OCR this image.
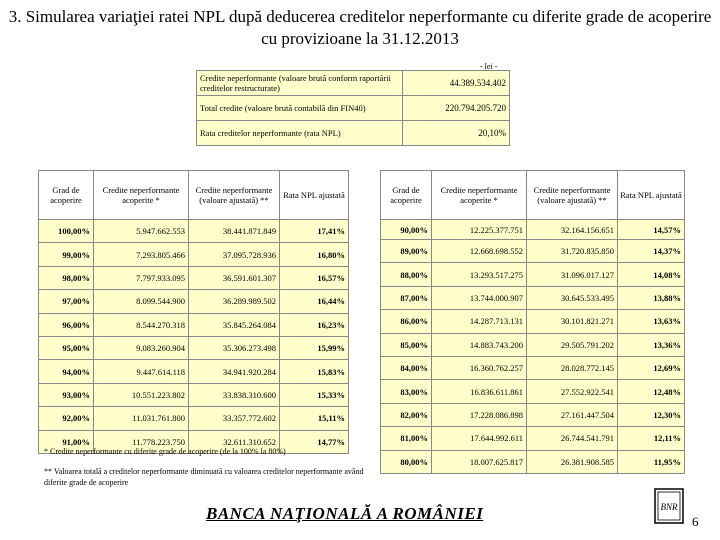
3. Simularea variaţiei ratei NPL după deducerea creditelor neperformante cu diferite grade de acoperire cu provizioane la 31.12.2013
- lei -
Credite neperformante (valoare brută conform raportării creditelor restructurate)	44.389.534.402
Total credite (valoare brută contabilă din FIN40)	220.794.205.720
Rata creditelor neperformante (rata NPL)	20,10%
Grad de acoperire	Credite neperformante acoperite *	Credite neperformante (valoare ajustată) **	Rata NPL ajustată
100,00%	5.947.662.553	38.441.871.849	17,41%
99,00%	7.293.805.466	37.095.728.936	16,80%
98,00%	7.797.933.095	36.591.601.307	16,57%
97,00%	8.099.544.900	36.289.989.502	16,44%
96,00%	8.544.270.318	35.845.264.084	16,23%
95,00%	9.083.260.904	35.306.273.498	15,99%
94,00%	9.447.614.118	34.941.920.284	15,83%
93,00%	10.551.223.802	33.838.310.600	15,33%
92,00%	11.031.761.800	33.357.772.602	15,11%
91,00%	11.778.223.750	32.611.310.652	14,77%
Grad de acoperire	Credite neperformante acoperite *	Credite neperformante (valoare ajustată) **	Rata NPL ajustată
90,00%	12.225.377.751	32.164.156.651	14,57%
89,00%	12.668.698.552	31.720.835.850	14,37%
88,00%	13.293.517.275	31.096.017.127	14,08%
87,00%	13.744.000.907	30.645.533.495	13,88%
86,00%	14.287.713.131	30.101.821.271	13,63%
85,00%	14.883.743.200	29.505.791.202	13,36%
84,00%	16.360.762.257	28.028.772.145	12,69%
83,00%	16.836.611.861	27.552.922.541	12,48%
82,00%	17.228.086.898	27.161.447.504	12,30%
81,00%	17.644.992.611	26.744.541.791	12,11%
80,00%	18.007.625.817	26.381.908.585	11,95%
* Credite neperformante cu diferite grade de acoperire (de la 100% la 80%)
** Valoarea totală a creditelor neperformante diminuată cu valoarea creditelor neperformante având diferite grade de acoperire
BANCA NAŢIONALĂ A ROMÂNIEI	BNR
6
